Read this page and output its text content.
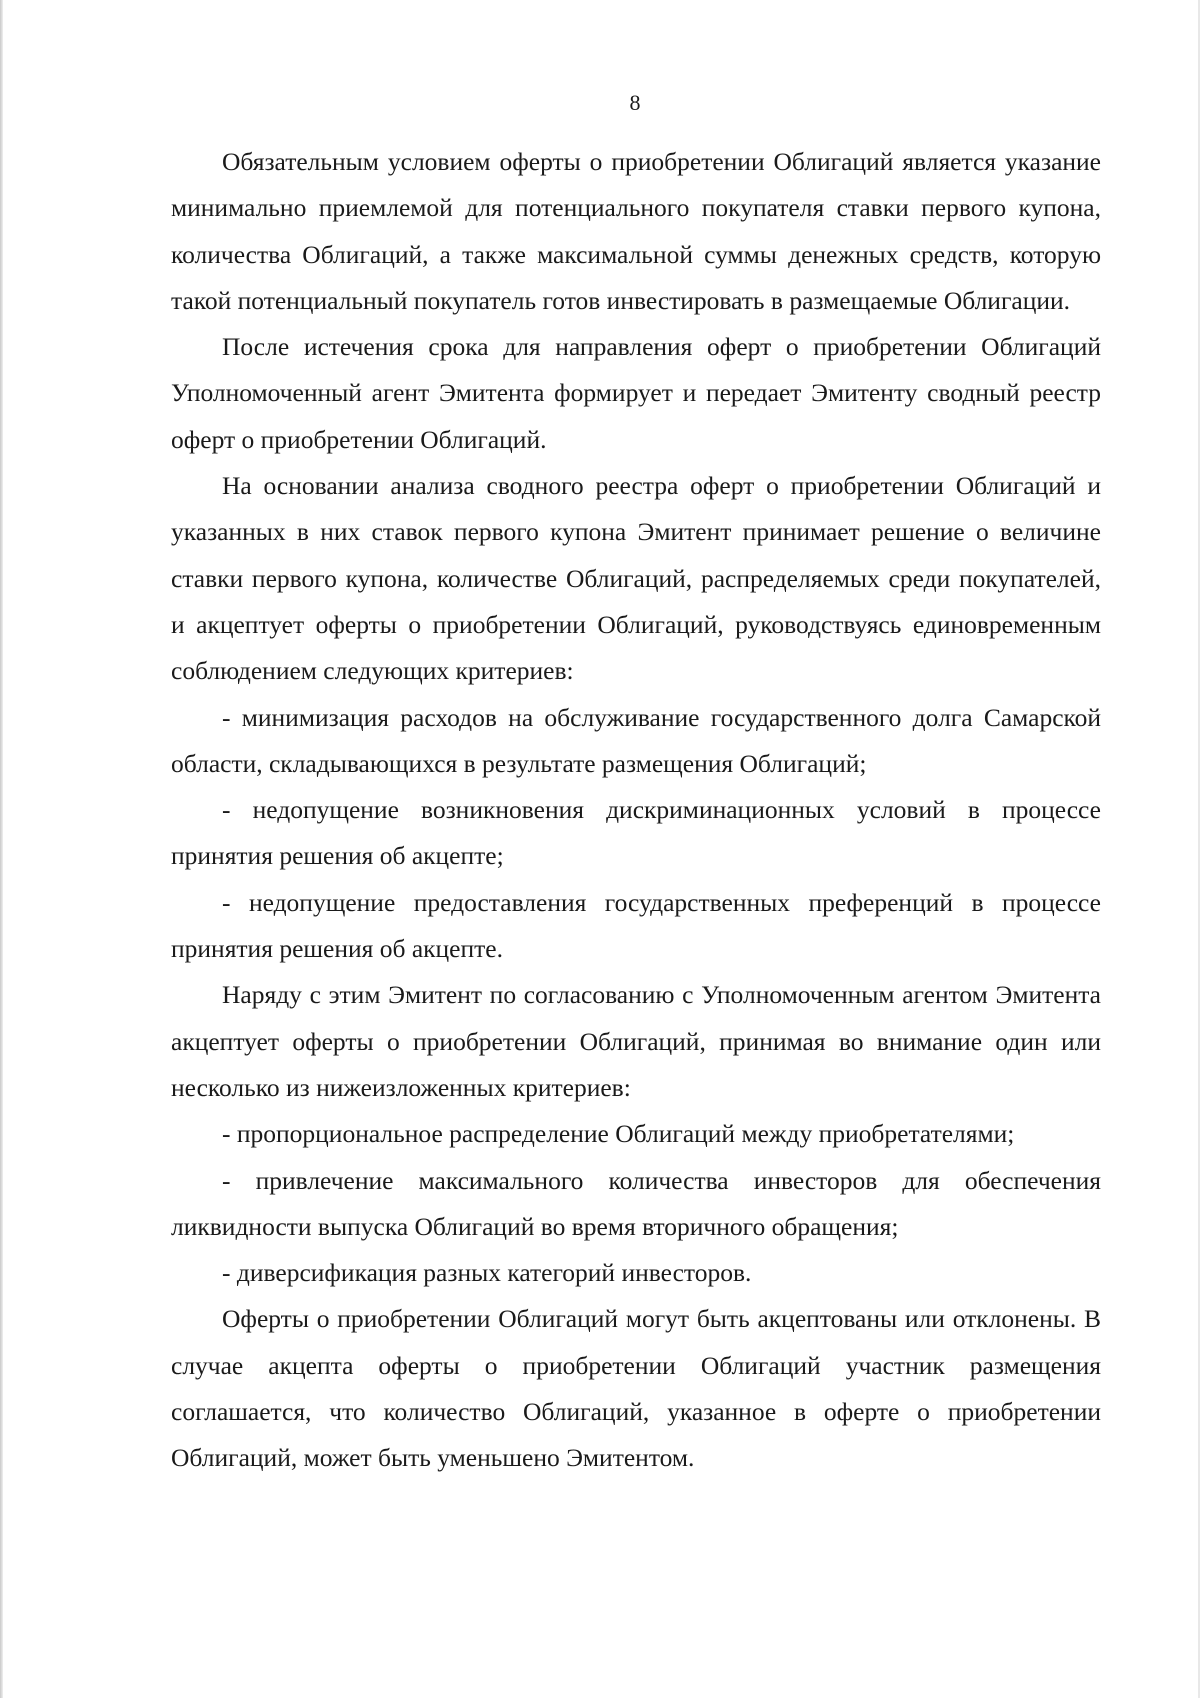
8

Обязательным условием оферты о приобретении Облигаций является указание минимально приемлемой для потенциального покупателя ставки первого купона, количества Облигаций, а также максимальной суммы денежных средств, которую такой потенциальный покупатель готов инвестировать в размещаемые Облигации.

После истечения срока для направления оферт о приобретении Облигаций Уполномоченный агент Эмитента формирует и передает Эмитенту сводный реестр оферт о приобретении Облигаций.

На основании анализа сводного реестра оферт о приобретении Облигаций и указанных в них ставок первого купона Эмитент принимает решение о величине ставки первого купона, количестве Облигаций, распределяемых среди покупателей, и акцептует оферты о приобретении Облигаций, руководствуясь единовременным соблюдением следующих критериев:

- минимизация расходов на обслуживание государственного долга Самарской области, складывающихся в результате размещения Облигаций;

- недопущение возникновения дискриминационных условий в процессе принятия решения об акцепте;

- недопущение предоставления государственных преференций в процессе принятия решения об акцепте.

Наряду с этим Эмитент по согласованию с Уполномоченным агентом Эмитента акцептует оферты о приобретении Облигаций, принимая во внимание один или несколько из нижеизложенных критериев:

- пропорциональное распределение Облигаций между приобретателями;

- привлечение максимального количества инвесторов для обеспечения ликвидности выпуска Облигаций во время вторичного обращения;

- диверсификация разных категорий инвесторов.

Оферты о приобретении Облигаций могут быть акцептованы или отклонены. В случае акцепта оферты о приобретении Облигаций участник размещения соглашается, что количество Облигаций, указанное в оферте о приобретении Облигаций, может быть уменьшено Эмитентом.
